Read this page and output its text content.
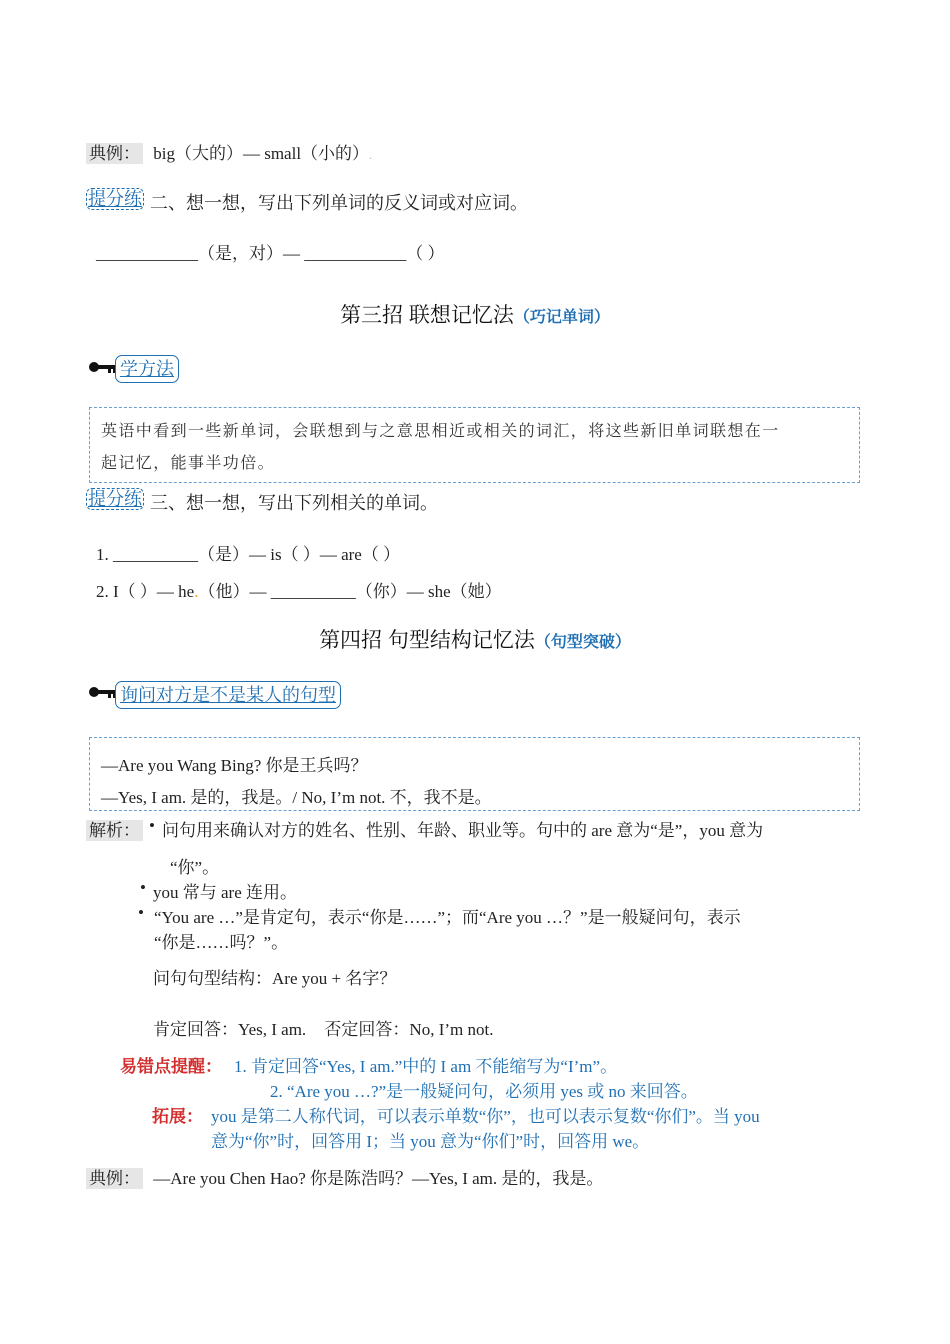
典例： big（大的）— small（小的）.
提分练 二、想一想，写出下列单词的反义词或对应词。
____________（是，对）— ____________（ ）
第三招 联想记忆法（巧记单词）
学方法
英语中看到一些新单词，会联想到与之意思相近或相关的词汇，将这些新旧单词联想在一
起记忆，能事半功倍。
提分练 三、想一想，写出下列相关的单词。
1. __________（是）— is（ ）— are（ ）
2. I（ ）— he.（他）— __________（你）— she（她）
第四招 句型结构记忆法（句型突破）
询问对方是不是某人的句型
—Are you Wang Bing? 你是王兵吗？
—Yes, I am. 是的，我是。/ No, I’m not. 不，我不是。
解析： • 问句用来确认对方的姓名、性别、年龄、职业等。句中的 are 意为“是”，you 意为
“你”。
• you 常与 are 连用。
• “You are …”是肯定句，表示“你是……”；而“Are you …？”是一般疑问句，表示
“你是……吗？”。
问句句型结构：Are you + 名字？
肯定回答：Yes, I am. 否定回答：No, I’m not.
易错点提醒： 1. 肯定回答“Yes, I am.”中的 I am 不能缩写为“I’m”。
2. “Are you …?”是一般疑问句，必须用 yes 或 no 来回答。
拓展： you 是第二人称代词，可以表示单数“你”，也可以表示复数“你们”。当 you
意为“你”时，回答用 I；当 you 意为“你们”时，回答用 we。
典例： —Are you Chen Hao? 你是陈浩吗？—Yes, I am. 是的，我是。
